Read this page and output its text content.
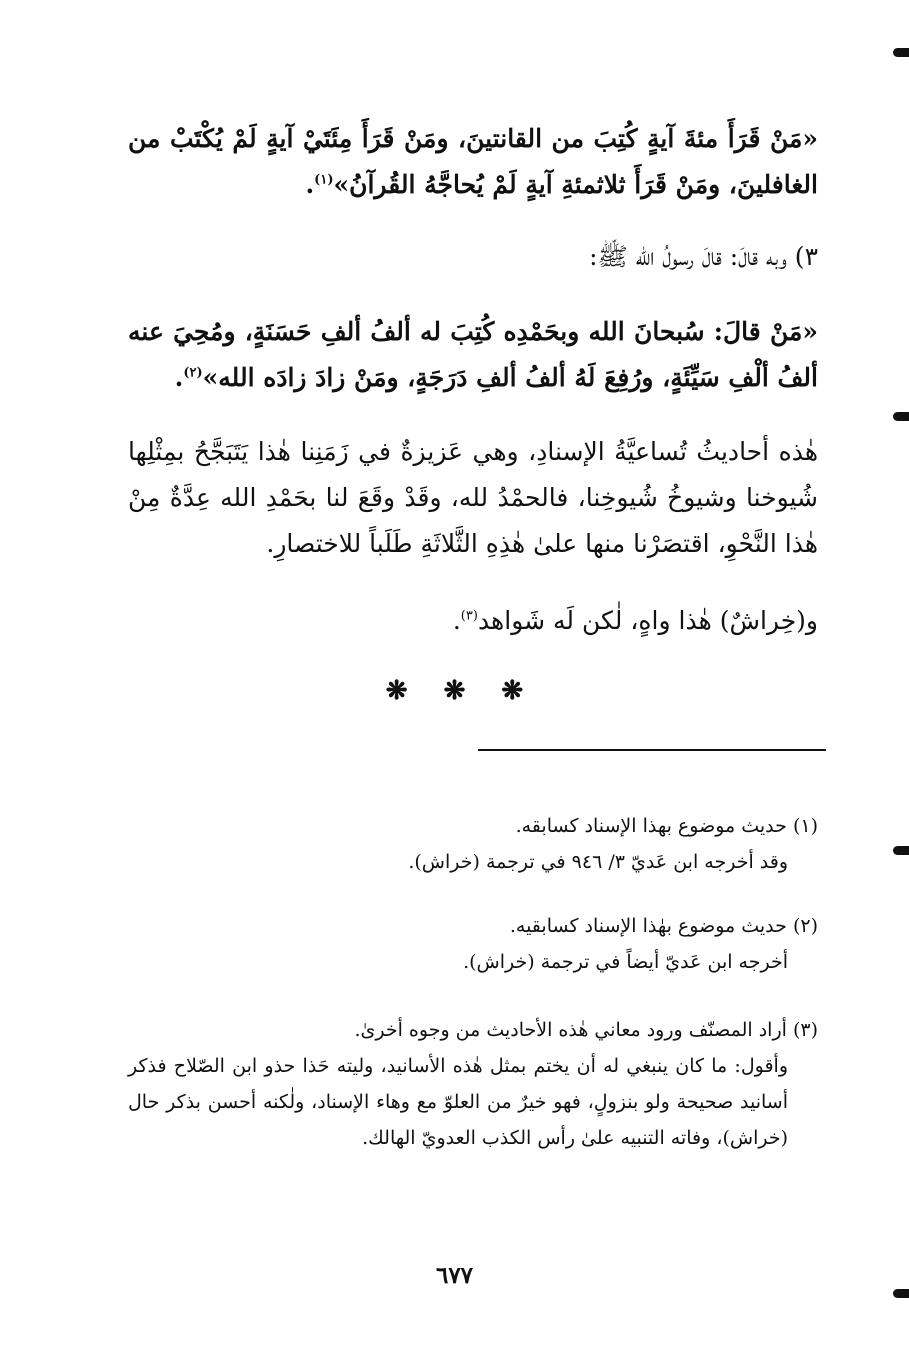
«مَنْ قَرَأَ مئةَ آيةٍ كُتِبَ من القانتينَ، ومَنْ قَرَأَ مِئَتَيْ آيةٍ لَمْ يُكْتَبْ من الغافلينَ، ومَنْ قَرَأَ ثلاثمئةِ آيةٍ لَمْ يُحاجَّهُ القُرآنُ»$^{(١)}$.
٣) وبه قالَ: قالَ رسولُ الله ﷺ:
«مَنْ قالَ: سُبحانَ الله وبحَمْدِه كُتِبَ له ألفُ ألفِ حَسَنَةٍ، ومُحِيَ عنه ألفُ ألْفِ سَيِّئَةٍ، ورُفِعَ لَهُ ألفُ ألفِ دَرَجَةٍ، ومَنْ زادَ زادَه الله»$^{(٢)}$.
هٰذه أحاديثُ تُساعيَّةُ الإسنادِ، وهي عَزيزةٌ في زَمَنِنا هٰذا يَتَبَجَّحُ بمِثْلِها شُيوخنا وشيوخُ شُيوخِنا، فالحمْدُ لله، وقَدْ وقَعَ لنا بحَمْدِ الله عِدَّةٌ مِنْ هٰذا النَّحْوِ، اقتصَرْنا منها علىٰ هٰذِهِ الثَّلاثَةِ طَلَباً للاختصارِ.
و(خِراشٌ) هٰذا واهٍ، لٰكن لَه شَواهد$^{(٣)}$.
❋ ❋ ❋
(١) حديث موضوع بهذا الإسناد كسابقه.
وقد أخرجه ابن عَديّ ٣/ ٩٤٦ في ترجمة (خراش).
(٢) حديث موضوع بهٰذا الإسناد كسابقيه.
أخرجه ابن عَديّ أيضاً في ترجمة (خراش).
(٣) أراد المصنّف ورود معاني هٰذه الأحاديث من وجوه أخرىٰ.
وأقول: ما كان ينبغي له أن يختم بمثل هٰذه الأسانيد، وليته حَذا حذو ابن الصّلاح فذكر أسانيد صحيحة ولو بنزولٍ، فهو خيرٌ من العلوّ مع وهاء الإسناد، ولٰكنه أحسن بذكر حال (خراش)، وفاته التنبيه علىٰ رأس الكذب العدويّ الهالك.
٦٧٧
